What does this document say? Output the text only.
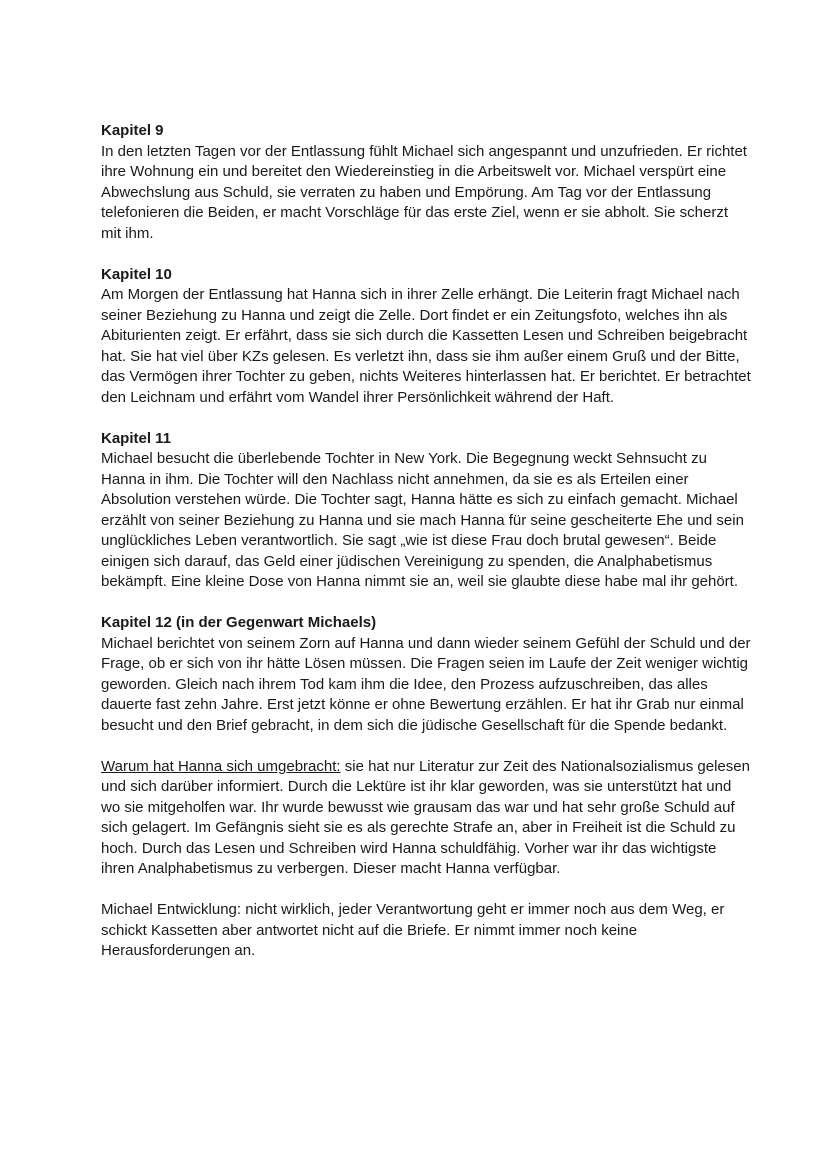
Kapitel 9
In den letzten Tagen vor der Entlassung fühlt Michael sich angespannt und unzufrieden. Er richtet ihre Wohnung ein und bereitet den Wiedereinstieg in die Arbeitswelt vor. Michael verspürt eine Abwechslung aus Schuld, sie verraten zu haben und Empörung. Am Tag vor der Entlassung telefonieren die Beiden, er macht Vorschläge für das erste Ziel, wenn er sie abholt. Sie scherzt mit ihm.
Kapitel 10
Am Morgen der Entlassung hat Hanna sich in ihrer Zelle erhängt. Die Leiterin fragt Michael nach seiner Beziehung zu Hanna und zeigt die Zelle. Dort findet er ein Zeitungsfoto, welches ihn als Abiturienten zeigt. Er erfährt, dass sie sich durch die Kassetten Lesen und Schreiben beigebracht hat. Sie hat viel über KZs gelesen. Es verletzt ihn, dass sie ihm außer einem Gruß und der Bitte, das Vermögen ihrer Tochter zu geben, nichts Weiteres hinterlassen hat. Er berichtet. Er betrachtet den Leichnam und erfährt vom Wandel ihrer Persönlichkeit während der Haft.
Kapitel 11
Michael besucht die überlebende Tochter in New York. Die Begegnung weckt Sehnsucht zu Hanna in ihm. Die Tochter will den Nachlass nicht annehmen, da sie es als Erteilen einer Absolution verstehen würde. Die Tochter sagt, Hanna hätte es sich zu einfach gemacht. Michael erzählt von seiner Beziehung zu Hanna und sie mach Hanna für seine gescheiterte Ehe und sein unglückliches Leben verantwortlich. Sie sagt „wie ist diese Frau doch brutal gewesen“. Beide einigen sich darauf, das Geld einer jüdischen Vereinigung zu spenden, die Analphabetismus bekämpft. Eine kleine Dose von Hanna nimmt sie an, weil sie glaubte diese habe mal ihr gehört.
Kapitel 12 (in der Gegenwart Michaels)
Michael berichtet von seinem Zorn auf Hanna und dann wieder seinem Gefühl der Schuld und der Frage, ob er sich von ihr hätte Lösen müssen. Die Fragen seien im Laufe der Zeit weniger wichtig geworden. Gleich nach ihrem Tod kam ihm die Idee, den Prozess aufzuschreiben, das alles dauerte fast zehn Jahre. Erst jetzt könne er ohne Bewertung erzählen. Er hat ihr Grab nur einmal besucht und den Brief gebracht, in dem sich die jüdische Gesellschaft für die Spende bedankt.
Warum hat Hanna sich umgebracht: sie hat nur Literatur zur Zeit des Nationalsozialismus gelesen und sich darüber informiert. Durch die Lektüre ist ihr klar geworden, was sie unterstützt hat und wo sie mitgeholfen war. Ihr wurde bewusst wie grausam das war und hat sehr große Schuld auf sich gelagert. Im Gefängnis sieht sie es als gerechte Strafe an, aber in Freiheit ist die Schuld zu hoch. Durch das Lesen und Schreiben wird Hanna schuldfähig. Vorher war ihr das wichtigste ihren Analphabetismus zu verbergen. Dieser macht Hanna verfügbar.
Michael Entwicklung: nicht wirklich, jeder Verantwortung geht er immer noch aus dem Weg, er schickt Kassetten aber antwortet nicht auf die Briefe. Er nimmt immer noch keine Herausforderungen an.
